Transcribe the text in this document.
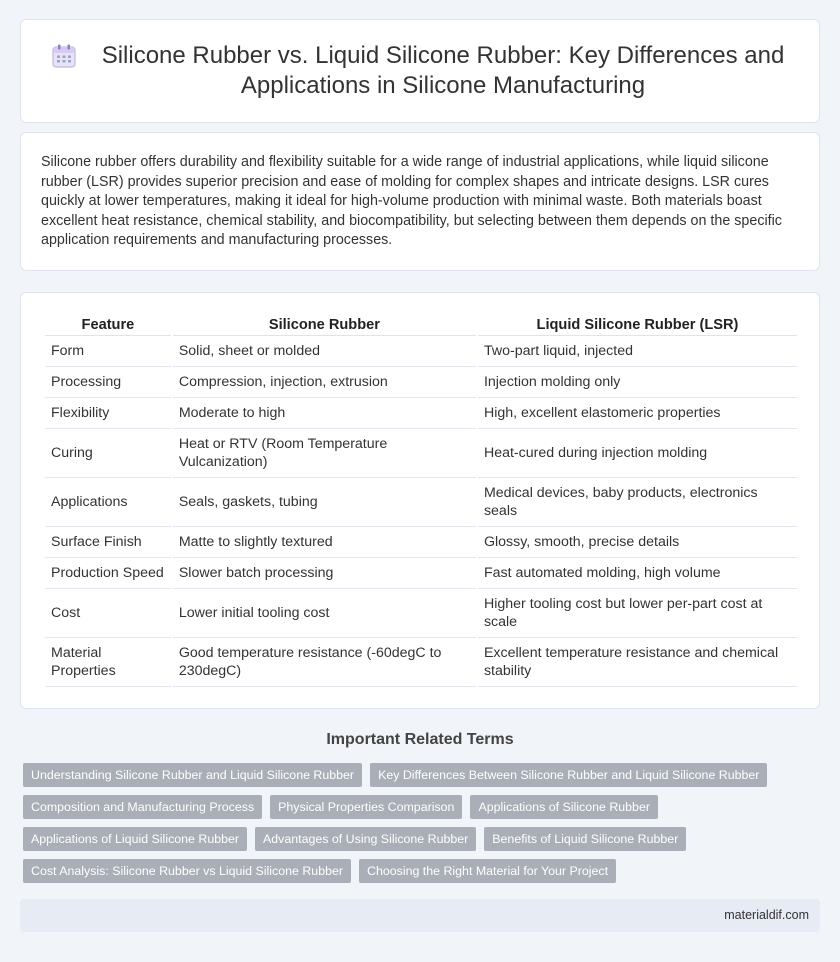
Silicone Rubber vs. Liquid Silicone Rubber: Key Differences and Applications in Silicone Manufacturing

Silicone rubber offers durability and flexibility suitable for a wide range of industrial applications, while liquid silicone rubber (LSR) provides superior precision and ease of molding for complex shapes and intricate designs. LSR cures quickly at lower temperatures, making it ideal for high-volume production with minimal waste. Both materials boast excellent heat resistance, chemical stability, and biocompatibility, but selecting between them depends on the specific application requirements and manufacturing processes.

Feature	Silicone Rubber	Liquid Silicone Rubber (LSR)
Form	Solid, sheet or molded	Two-part liquid, injected
Processing	Compression, injection, extrusion	Injection molding only
Flexibility	Moderate to high	High, excellent elastomeric properties
Curing	Heat or RTV (Room Temperature Vulcanization)	Heat-cured during injection molding
Applications	Seals, gaskets, tubing	Medical devices, baby products, electronics seals
Surface Finish	Matte to slightly textured	Glossy, smooth, precise details
Production Speed	Slower batch processing	Fast automated molding, high volume
Cost	Lower initial tooling cost	Higher tooling cost but lower per-part cost at scale
Material Properties	Good temperature resistance (-60degC to 230degC)	Excellent temperature resistance and chemical stability
Important Related Terms
Understanding Silicone Rubber and Liquid Silicone Rubber	Key Differences Between Silicone Rubber and Liquid Silicone Rubber
Composition and Manufacturing Process	Physical Properties Comparison	Applications of Silicone Rubber
Applications of Liquid Silicone Rubber	Advantages of Using Silicone Rubber	Benefits of Liquid Silicone Rubber
Cost Analysis: Silicone Rubber vs Liquid Silicone Rubber	Choosing the Right Material for Your Project
materialdif.com
